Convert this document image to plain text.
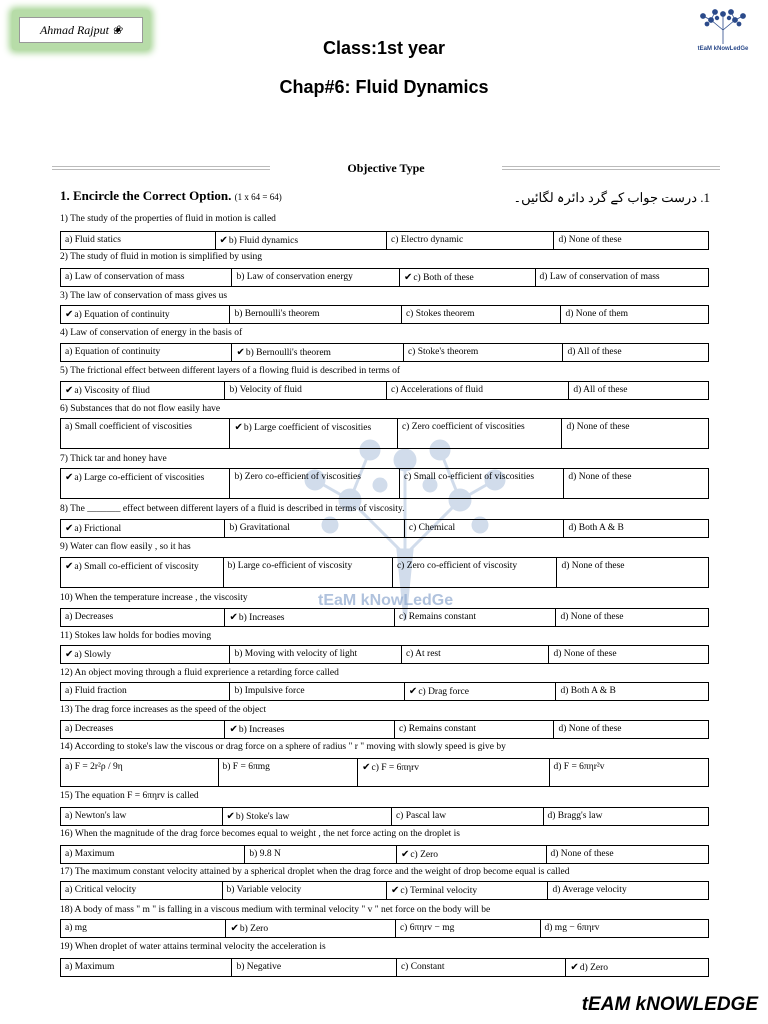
Ahmad Rajput ❀
tEaM kNowLedGe
Class:1st year
Chap#6: Fluid Dynamics
Objective Type
1. Encircle the Correct Option. (1 x 64 = 64)	1. درست جواب کے گرد دائرہ لگائیں۔
tEaM kNowLedGe
1) The study of the properties of fluid in motion is called
a) Fluid statics	✔b) Fluid dynamics	c) Electro dynamic	d) None of these
2) The study of fluid in motion is simplified by using
a) Law of conservation of mass	b) Law of conservation energy	✔c) Both of these	d) Law of conservation of mass
3) The law of conservation of mass gives us
✔a) Equation of continuity	b) Bernoulli's theorem	c) Stokes theorem	d) None of them
4) Law of conservation of energy in the basis of
a) Equation of continuity	✔b) Bernoulli's theorem	c) Stoke's theorem	d) All of these
5) The frictional effect between different layers of a flowing fluid is described in terms of
✔a) Viscosity of fliud	b) Velocity of fluid	c) Accelerations of fluid	d) All of these
6) Substances that do not flow easily have
a) Small coefficient of viscosities	✔b) Large coefficient of viscosities	c) Zero coefficient of viscosities	d) None of these
7) Thick tar and honey have
✔a) Large co-efficient of viscosities	b) Zero co-efficient of viscosities	c) Small co-efficient of viscosities	d) None of these
8) The _______ effect between different layers of a fluid is described in terms of viscosity.
✔a) Frictional	b) Gravitational	c) Chemical	d) Both A & B
9) Water can flow easily , so it has
✔a) Small co-efficient of viscosity	b) Large co-efficient of viscosity	c) Zero co-efficient of viscosity	d) None of these
10) When the temperature increase , the viscosity
a) Decreases	✔b) Increases	c) Remains constant	d) None of these
11) Stokes law holds for bodies moving
✔a) Slowly	b) Moving with velocity of light	c) At rest	d) None of these
12) An object moving through a fluid exprerience a retarding force called
a) Fluid fraction	b) Impulsive force	✔c) Drag force	d) Both A & B
13) The drag force increases as the speed of the object
a) Decreases	✔b) Increases	c) Remains constant	d) None of these
14) According to stoke's law the viscous or drag force on a sphere of radius " r " moving with slowly speed is give by
a) F = 2r²ρ / 9η	b) F = 6πmg	✔c) F = 6πηrv	d) F = 6πηr²v
15) The equation F = 6πηrv is called
a) Newton's law	✔b) Stoke's law	c) Pascal law	d) Bragg's law
16) When the magnitude of the drag force becomes equal to weight , the net force acting on the droplet is
a) Maximum	b) 9.8 N	✔c) Zero	d) None of these
17) The maximum constant velocity attained by a spherical droplet when the drag force and the weight of drop become equal is called
a) Critical velocity	b) Variable velocity	✔c) Terminal velocity	d) Average velocity
18) A body of mass " m " is falling in a viscous medium with terminal velocity " v " net force on the body will be
a) mg	✔b) Zero	c) 6πηrv − mg	d) mg − 6πηrv
19) When droplet of water attains terminal velocity the acceleration is
a) Maximum	b) Negative	c) Constant	✔d) Zero
tEAM kNOWLEDGE
